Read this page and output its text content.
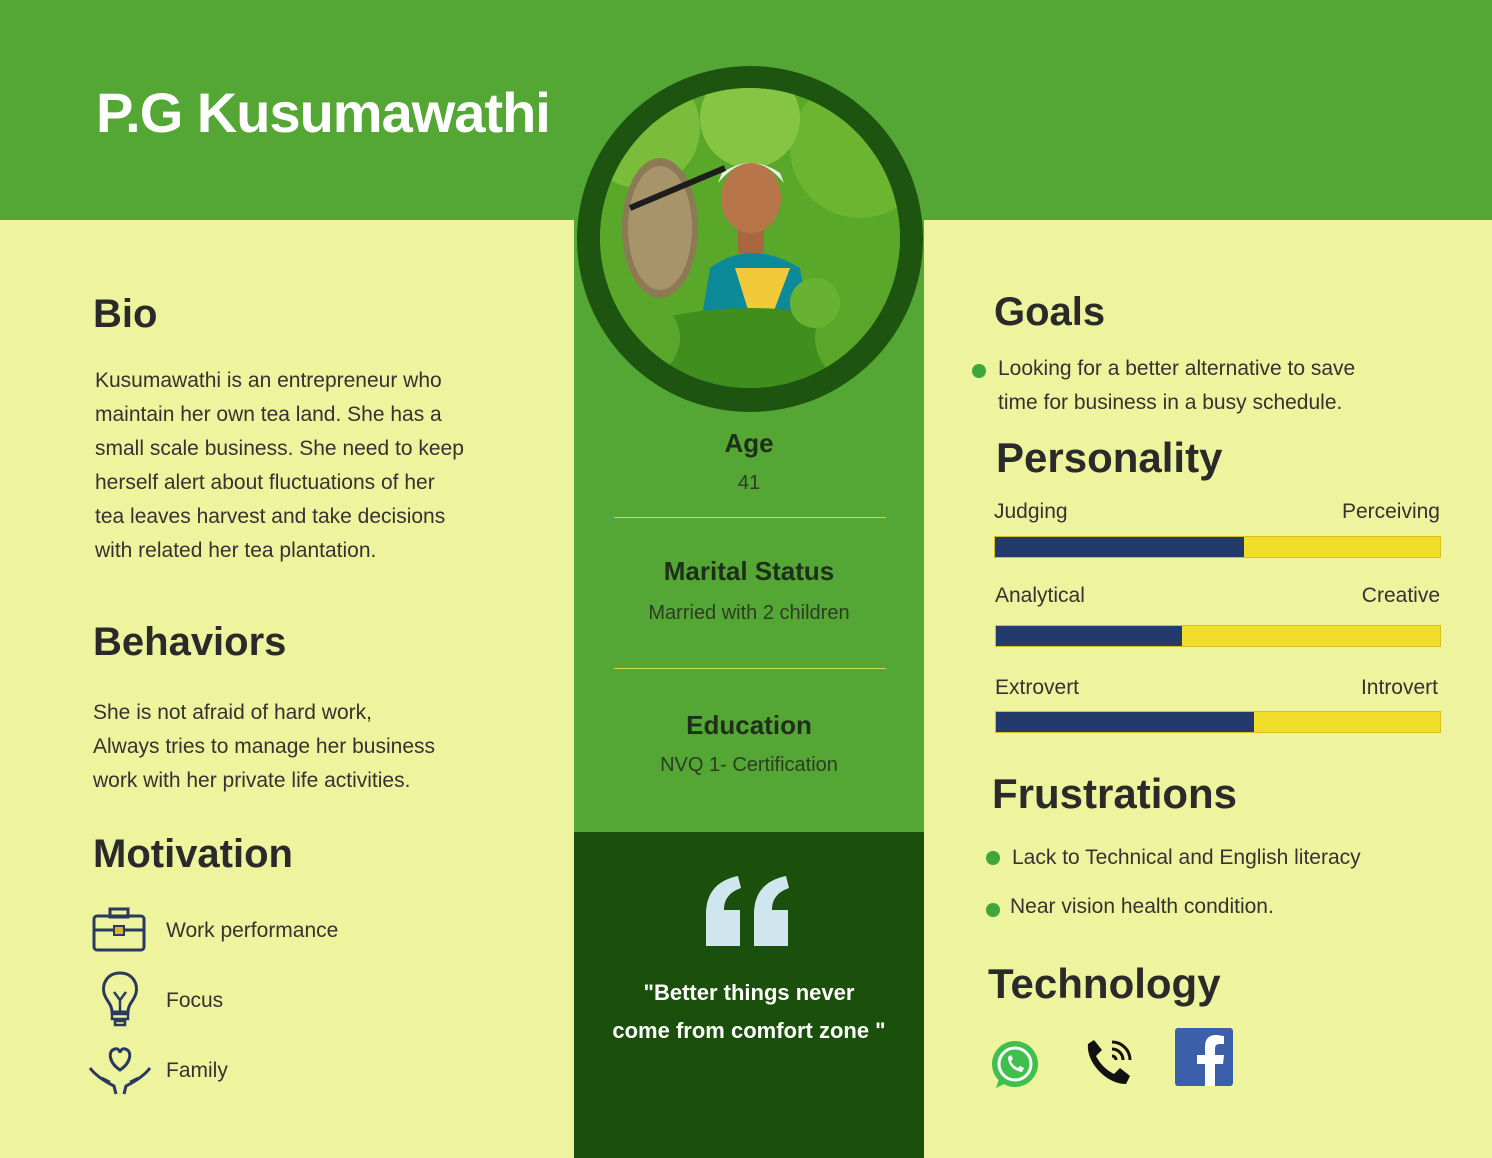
P.G Kusumawathi
Bio
Kusumawathi is an entrepreneur who
maintain her own tea land. She has a
small scale business. She need to keep
herself alert about fluctuations of her
tea leaves harvest and take decisions
with related her tea plantation.
Behaviors
She is not afraid of hard work,
Always tries to manage her business
work with her private life activities.
Motivation
Work performance
Focus
Family

Age

41

Marital Status

Married with 2 children

Education

NVQ 1- Certification

"Better things never
come from comfort zone "
Goals
Looking for a better alternative to save
time for business in a busy schedule.
Personality

Judging	Perceiving

Analytical	Creative

Extrovert	Introvert

Frustrations
Lack to Technical and English literacy
Near vision health condition.
Technology
